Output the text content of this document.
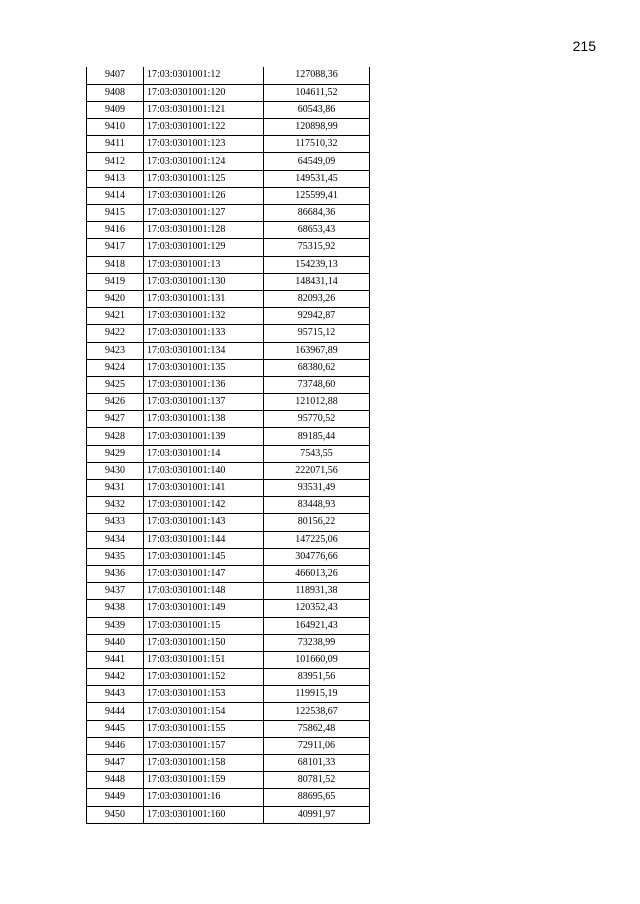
215
9407	17:03:0301001:12	127088,36
9408	17:03:0301001:120	104611,52
9409	17:03:0301001:121	60543,86
9410	17:03:0301001:122	120898,99
9411	17:03:0301001:123	117510,32
9412	17:03:0301001:124	64549,09
9413	17:03:0301001:125	149531,45
9414	17:03:0301001:126	125599,41
9415	17:03:0301001:127	86684,36
9416	17:03:0301001:128	68653,43
9417	17:03:0301001:129	75315,92
9418	17:03:0301001:13	154239,13
9419	17:03:0301001:130	148431,14
9420	17:03:0301001:131	82093,26
9421	17:03:0301001:132	92942,87
9422	17:03:0301001:133	95715,12
9423	17:03:0301001:134	163967,89
9424	17:03:0301001:135	68380,62
9425	17:03:0301001:136	73748,60
9426	17:03:0301001:137	121012,88
9427	17:03:0301001:138	95770,52
9428	17:03:0301001:139	89185,44
9429	17:03:0301001:14	7543,55
9430	17:03:0301001:140	222071,56
9431	17:03:0301001:141	93531,49
9432	17:03:0301001:142	83448,93
9433	17:03:0301001:143	80156,22
9434	17:03:0301001:144	147225,06
9435	17:03:0301001:145	304776,66
9436	17:03:0301001:147	466013,26
9437	17:03:0301001:148	118931,38
9438	17:03:0301001:149	120352,43
9439	17:03:0301001:15	164921,43
9440	17:03:0301001:150	73238,99
9441	17:03:0301001:151	101660,09
9442	17:03:0301001:152	83951,56
9443	17:03:0301001:153	119915,19
9444	17:03:0301001:154	122538,67
9445	17:03:0301001:155	75862,48
9446	17:03:0301001:157	72911,06
9447	17:03:0301001:158	68101,33
9448	17:03:0301001:159	80781,52
9449	17:03:0301001:16	88695,65
9450	17:03:0301001:160	40991,97
